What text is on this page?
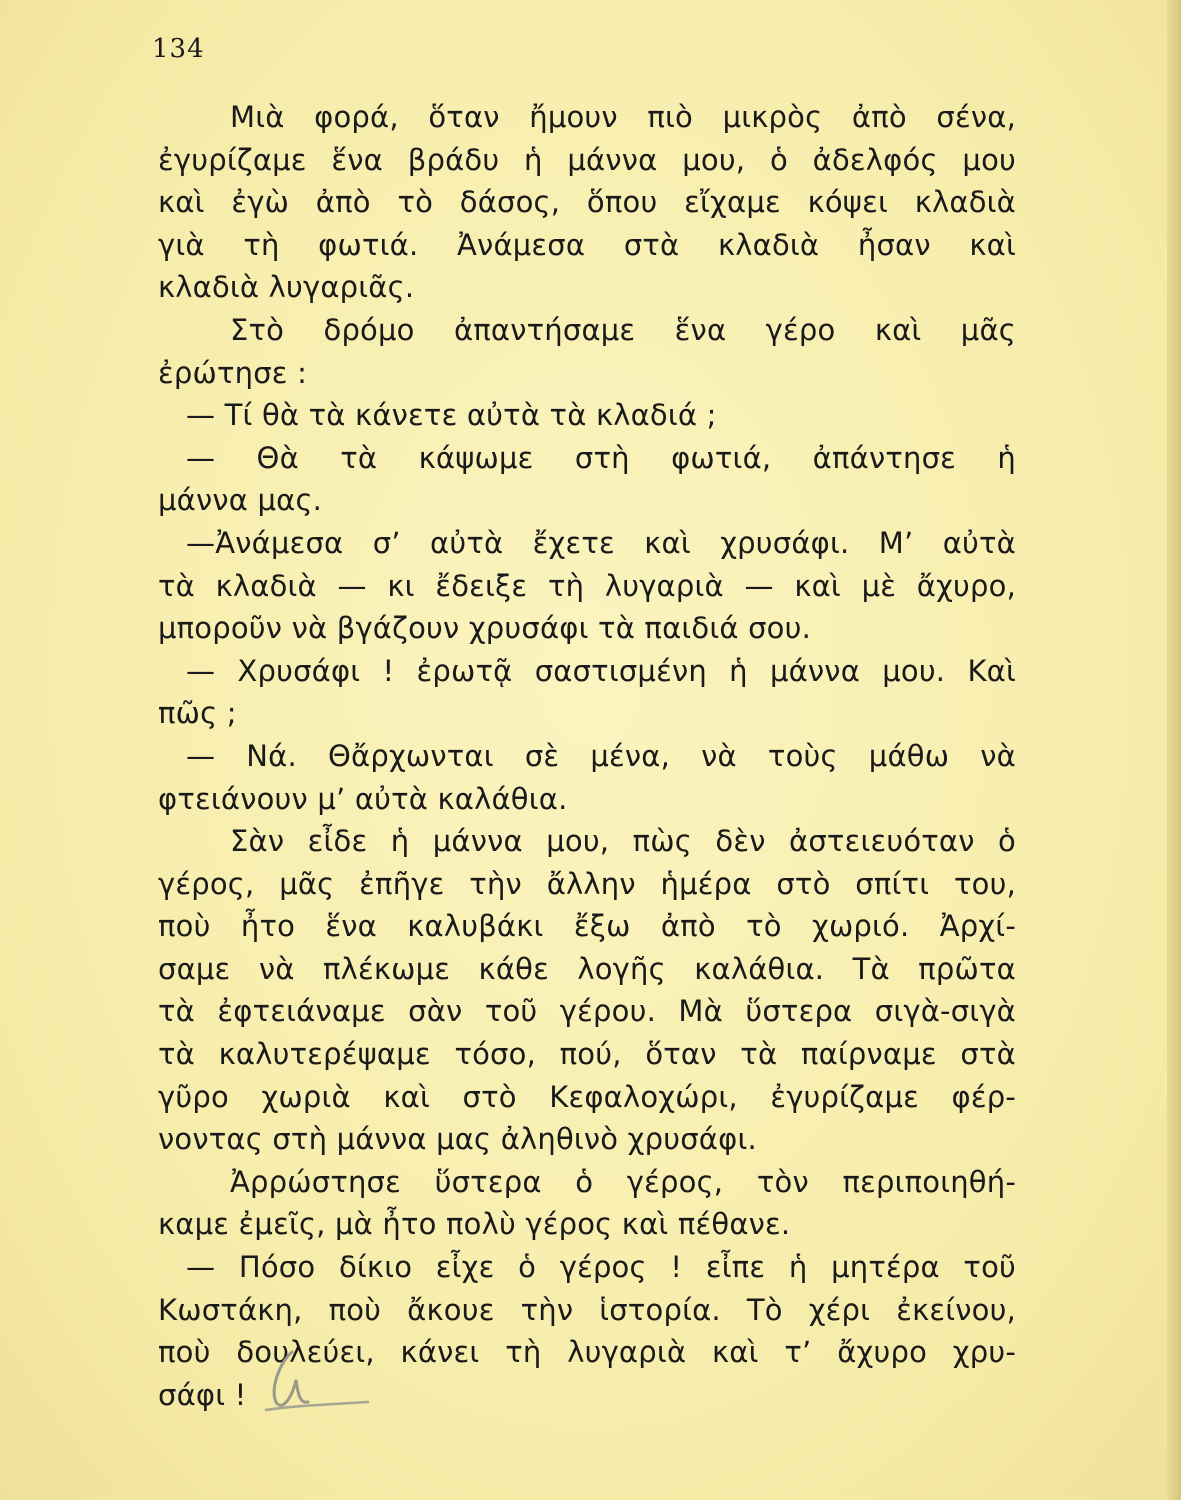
134
Μιὰ φορά, ὅταν ἤμουν πιὸ μικρὸς ἀπὸ σένα,
ἐγυρίζαμε ἕνα βράδυ ἡ μάννα μου, ὁ ἀδελφός μου
καὶ ἐγὼ ἀπὸ τὸ δάσος, ὅπου εἴχαμε κόψει κλαδιὰ
γιὰ τὴ φωτιά. Ἀνάμεσα στὰ κλαδιὰ ἦσαν καὶ
κλαδιὰ λυγαριᾶς.
Στὸ δρόμο ἀπαντήσαμε ἕνα γέρο καὶ μᾶς
ἐρώτησε :
— Τί θὰ τὰ κάνετε αὐτὰ τὰ κλαδιά ;
— Θὰ τὰ κάψωμε στὴ φωτιά, ἀπάντησε ἡ
μάννα μας.
—Ἀνάμεσα σ’ αὐτὰ ἔχετε καὶ χρυσάφι. Μ’ αὐτὰ
τὰ κλαδιὰ — κι ἔδειξε τὴ λυγαριὰ — καὶ μὲ ἄχυρο,
μποροῦν νὰ βγάζουν χρυσάφι τὰ παιδιά σου.
— Χρυσάφι ! ἐρωτᾷ σαστισμένη ἡ μάννα μου. Καὶ
πῶς ;
— Νά. Θἄρχωνται σὲ μένα, νὰ τοὺς μάθω νὰ
φτειάνουν μ’ αὐτὰ καλάθια.
Σὰν εἶδε ἡ μάννα μου, πὼς δὲν ἀστειευόταν ὁ
γέρος, μᾶς ἐπῆγε τὴν ἄλλην ἡμέρα στὸ σπίτι του,
ποὺ ἦτο ἕνα καλυβάκι ἔξω ἀπὸ τὸ χωριό. Ἀρχί-
σαμε νὰ πλέκωμε κάθε λογῆς καλάθια. Τὰ πρῶτα
τὰ ἐφτειάναμε σὰν τοῦ γέρου. Μὰ ὕστερα σιγὰ-σιγὰ
τὰ καλυτερέψαμε τόσο, πού, ὅταν τὰ παίρναμε στὰ
γῦρο χωριὰ καὶ στὸ Κεφαλοχώρι, ἐγυρίζαμε φέρ-
νοντας στὴ μάννα μας ἀληθινὸ χρυσάφι.
Ἀρρώστησε ὕστερα ὁ γέρος, τὸν περιποιηθή-
καμε ἐμεῖς, μὰ ἦτο πολὺ γέρος καὶ πέθανε.
— Πόσο δίκιο εἶχε ὁ γέρος ! εἶπε ἡ μητέρα τοῦ
Κωστάκη, ποὺ ἄκουε τὴν ἱστορία. Τὸ χέρι ἐκείνου,
ποὺ δουλεύει, κάνει τὴ λυγαριὰ καὶ τ’ ἄχυρο χρυ-
σάφι !
